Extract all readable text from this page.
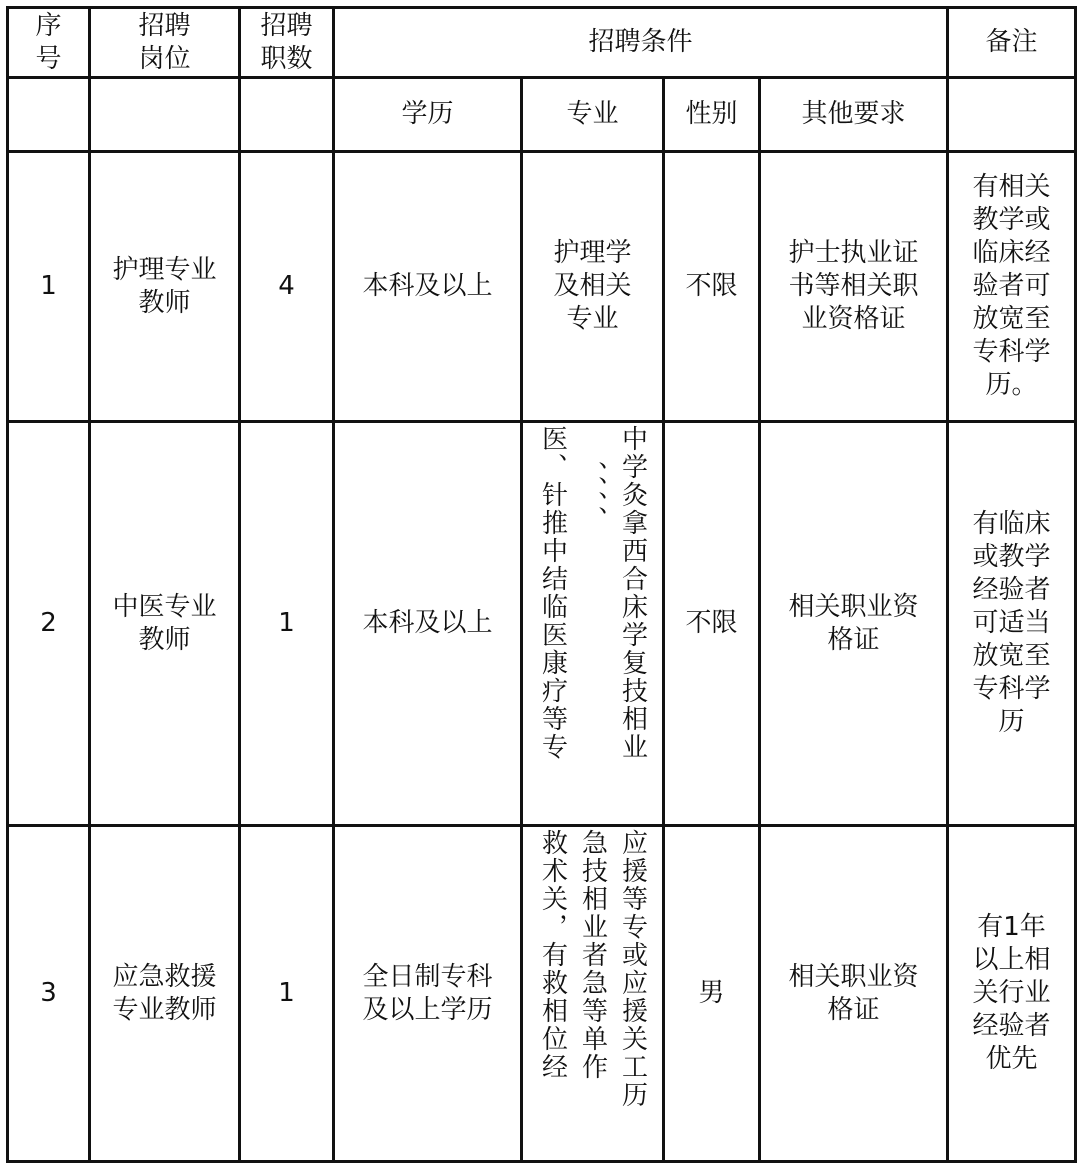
序号	招聘岗位	招聘职数	招聘条件				备注

			学历	专业	性别	其他要求	

1	护理专业教师	4	本科及以上	护理学及相关专业	不限	护士执业证书等相关职业资格证	有相关教学或临床经验者可放宽至专科学历。

2	中医专业教师	1	本科及以上	医、针推中结临医康疗等专 、、、、 中学灸拿西合床学复技相业	不限	相关职业资格证	有临床或教学经验者可适当放宽至专科学历

3	应急救援专业教师	1	全日制专科及以上学历	救术关，有救相位经 急技相业者急等单作 应援等专或应援关工历	男	相关职业资格证	有1年以上相关行业经验者优先
